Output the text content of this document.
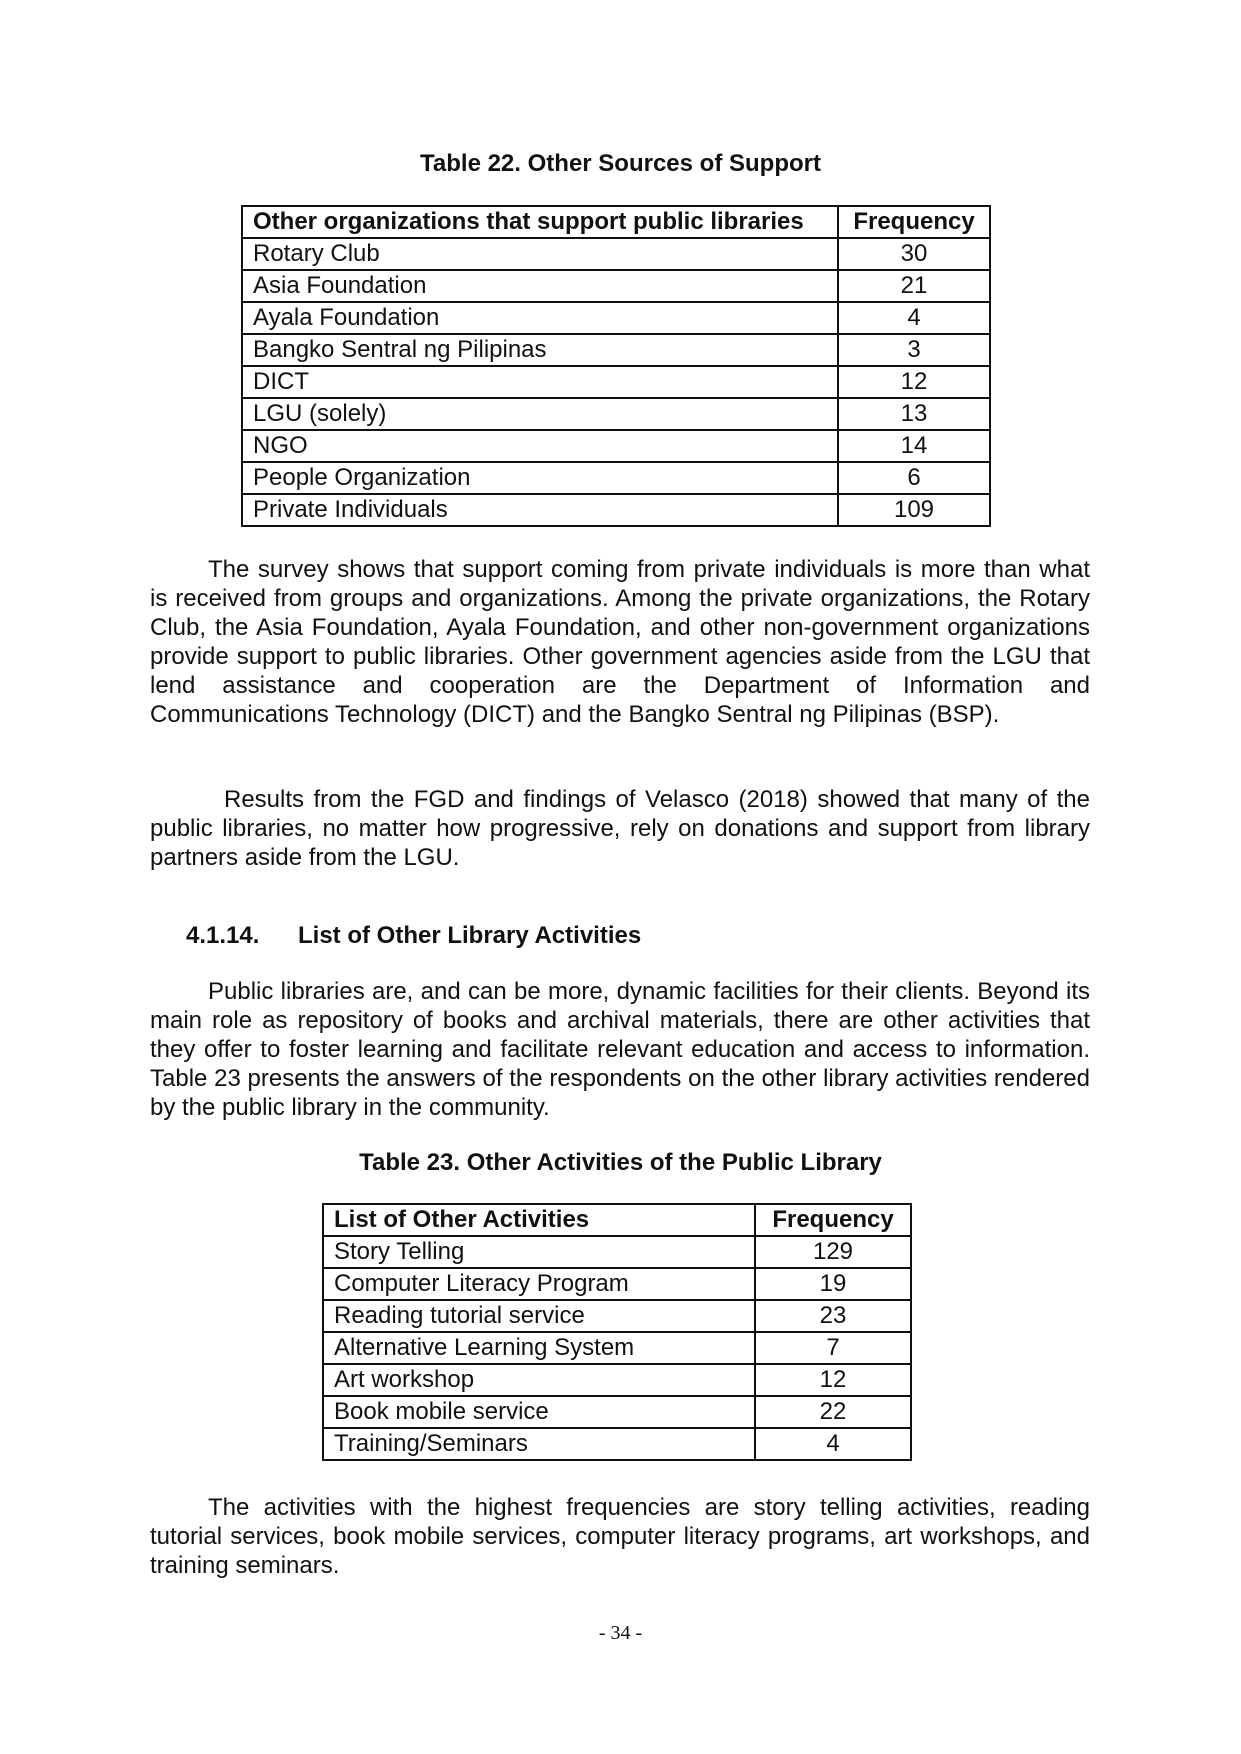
Table 22. Other Sources of Support
Other organizations that support public libraries	Frequency
Rotary Club	30
Asia Foundation	21
Ayala Foundation	4
Bangko Sentral ng Pilipinas	3
DICT	12
LGU (solely)	13
NGO	14
People Organization	6
Private Individuals	109

The survey shows that support coming from private individuals is more than what is received from groups and organizations. Among the private organizations, the Rotary Club, the Asia Foundation, Ayala Foundation, and other non-government organizations provide support to public libraries. Other government agencies aside from the LGU that lend assistance and cooperation are the Department of Information and Communications Technology (DICT) and the Bangko Sentral ng Pilipinas (BSP).

Results from the FGD and findings of Velasco (2018) showed that many of the public libraries, no matter how progressive, rely on donations and support from library partners aside from the LGU.

4.1.14. List of Other Library Activities

Public libraries are, and can be more, dynamic facilities for their clients. Beyond its main role as repository of books and archival materials, there are other activities that they offer to foster learning and facilitate relevant education and access to information. Table 23 presents the answers of the respondents on the other library activities rendered by the public library in the community.

Table 23. Other Activities of the Public Library
List of Other Activities	Frequency
Story Telling	129
Computer Literacy Program	19
Reading tutorial service	23
Alternative Learning System	7
Art workshop	12
Book mobile service	22
Training/Seminars	4

The activities with the highest frequencies are story telling activities, reading tutorial services, book mobile services, computer literacy programs, art workshops, and training seminars.

- 34 -
